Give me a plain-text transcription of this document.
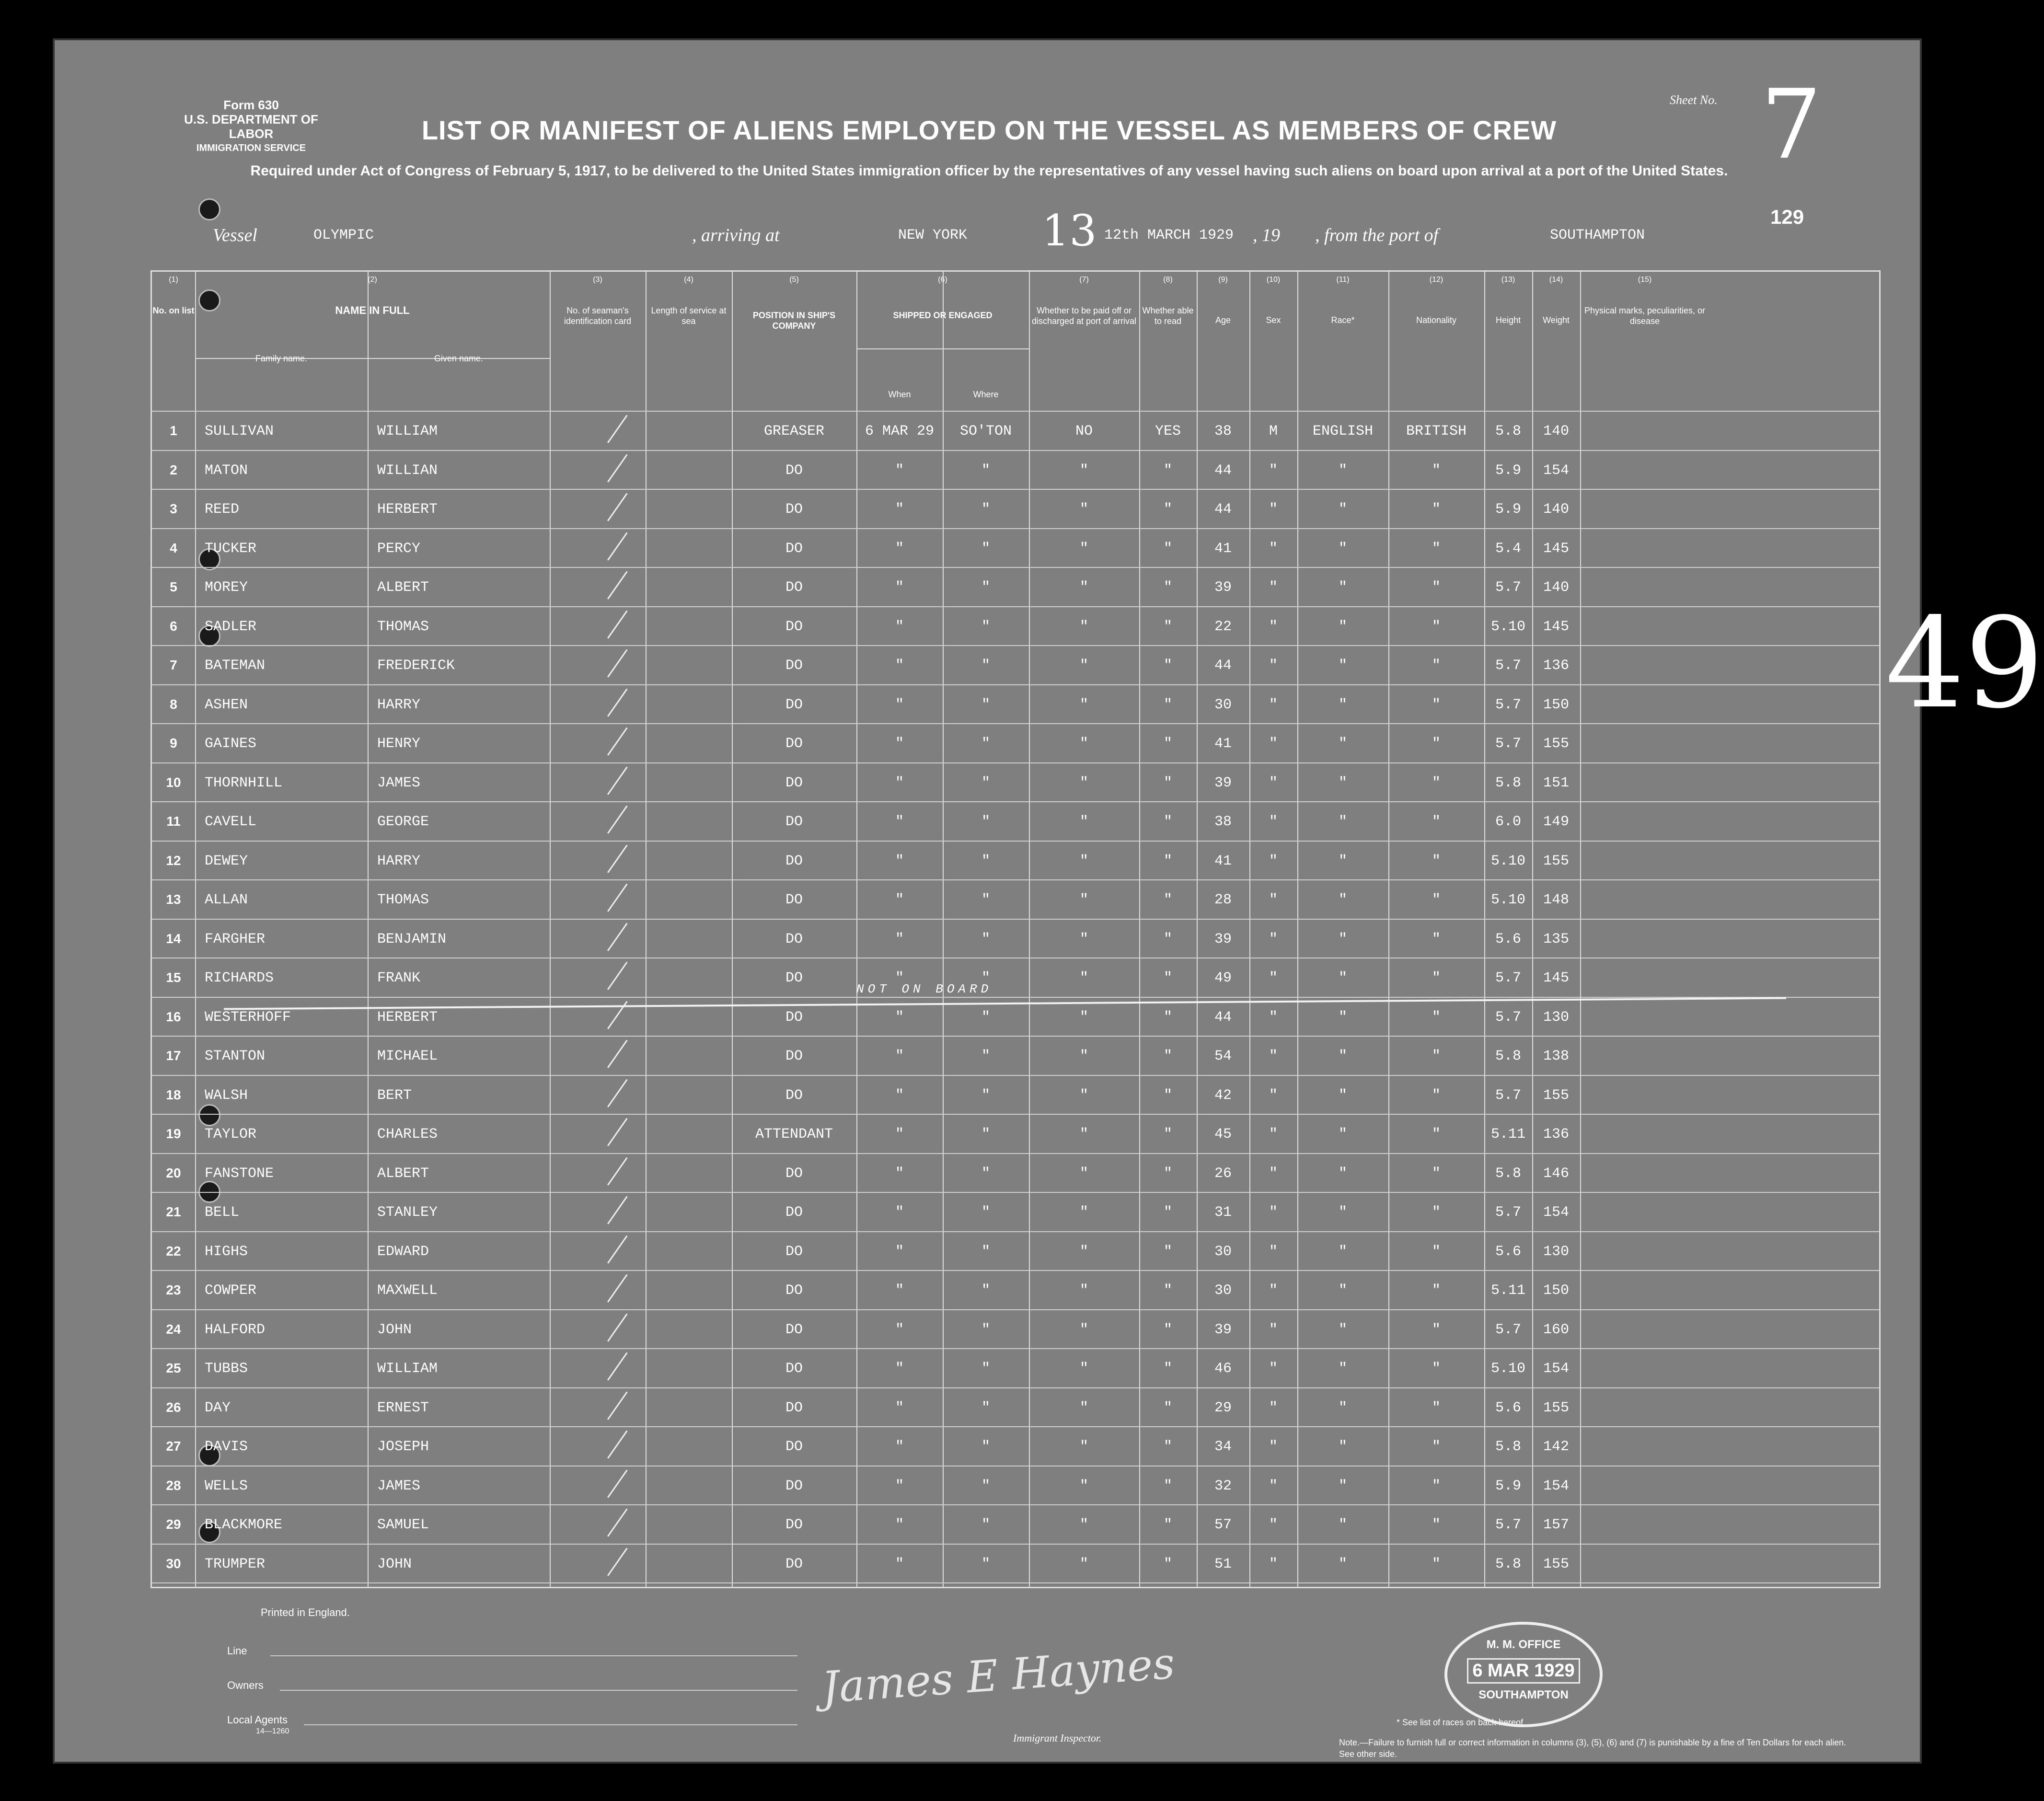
Form 630
U.S. DEPARTMENT OF LABOR
IMMIGRATION SERVICE
Sheet No. 7
LIST OR MANIFEST OF ALIENS EMPLOYED ON THE VESSEL AS MEMBERS OF CREW
Required under Act of Congress of February 5, 1917, to be delivered to the United States immigration officer by the representatives of any vessel having such aliens on board upon arrival at a port of the United States.
129
Vessel	OLYMPIC	, arriving at	NEW YORK 13 12th MARCH 1929 , 19 , from the port of	SOUTHAMPTON
No. on list	NAME IN FULL
Family name.	Given name.
No. of seaman's identification card
Length of service at sea
POSITION IN SHIP'S COMPANY
SHIPPED OR ENGAGED
When	Where
Whether to be paid off or discharged at port of arrival
Whether able to read	Age	Sex	Race*	Nationality	Height	Weight
Physical marks, peculiarities, or disease
(1)	(2)	(3)	(4)	(5)	(6)	(7)	(8)	(9)	(10)	(11)	(12)	(13)	(14)	(15)
1	SULLIVAN	WILLIAM	GREASER	6 MAR 29	SO'TON	NO	YES	38	M	ENGLISH	BRITISH	5.8	140
2	MATON	WILLIAN	DO	"	"	"	"	44	"	"	"	5.9	154
3	REED	HERBERT	DO	"	"	"	"	44	"	"	"	5.9	140
4	TUCKER	PERCY	DO	"	"	"	"	41	"	"	"	5.4	145
5	MOREY	ALBERT	DO	"	"	"	"	39	"	"	"	5.7	140
6	SADLER	THOMAS	DO	"	"	"	"	22	"	"	"	5.10	145
7	BATEMAN	FREDERICK	DO	"	"	"	"	44	"	"	"	5.7	136
8	ASHEN	HARRY	DO	"	"	"	"	30	"	"	"	5.7	150
9	GAINES	HENRY	DO	"	"	"	"	41	"	"	"	5.7	155
10	THORNHILL	JAMES	DO	"	"	"	"	39	"	"	"	5.8	151
11	CAVELL	GEORGE	DO	"	"	"	"	38	"	"	"	6.0	149
12	DEWEY	HARRY	DO	"	"	"	"	41	"	"	"	5.10	155
13	ALLAN	THOMAS	DO	"	"	"	"	28	"	"	"	5.10	148
14	FARGHER	BENJAMIN	DO	"	"	"	"	39	"	"	"	5.6	135
15	RICHARDS	FRANK	DO	"	"	"	"	49	"	"	"	5.7	145
16	WESTERHOFF	HERBERT	DO	"	"	"	"	44	"	"	"	5.7	130
17	STANTON	MICHAEL	DO	"	"	"	"	54	"	"	"	5.8	138
18	WALSH	BERT	DO	"	"	"	"	42	"	"	"	5.7	155
19	TAYLOR	CHARLES	ATTENDANT	"	"	"	"	45	"	"	"	5.11	136
20	FANSTONE	ALBERT	DO	"	"	"	"	26	"	"	"	5.8	146
21	BELL	STANLEY	DO	"	"	"	"	31	"	"	"	5.7	154
22	HIGHS	EDWARD	DO	"	"	"	"	30	"	"	"	5.6	130
23	COWPER	MAXWELL	DO	"	"	"	"	30	"	"	"	5.11	150
24	HALFORD	JOHN	DO	"	"	"	"	39	"	"	"	5.7	160
25	TUBBS	WILLIAM	DO	"	"	"	"	46	"	"	"	5.10	154
26	DAY	ERNEST	DO	"	"	"	"	29	"	"	"	5.6	155
27	DAVIS	JOSEPH	DO	"	"	"	"	34	"	"	"	5.8	142
28	WELLS	JAMES	DO	"	"	"	"	32	"	"	"	5.9	154
29	BLACKMORE	SAMUEL	DO	"	"	"	"	57	"	"	"	5.7	157
30	TRUMPER	JOHN	DO	"	"	"	"	51	"	"	"	5.8	155
NOT ON BOARD
49
Printed in England.
Line
Owners
Local Agents
14—1260
James E Haynes
Immigrant Inspector.
* See list of races on back hereof.
Note.—Failure to furnish full or correct information in columns (3), (5), (6) and (7) is punishable by a fine of Ten Dollars for each alien. See other side.
M. M. OFFICE
6 MAR 1929
SOUTHAMPTON
